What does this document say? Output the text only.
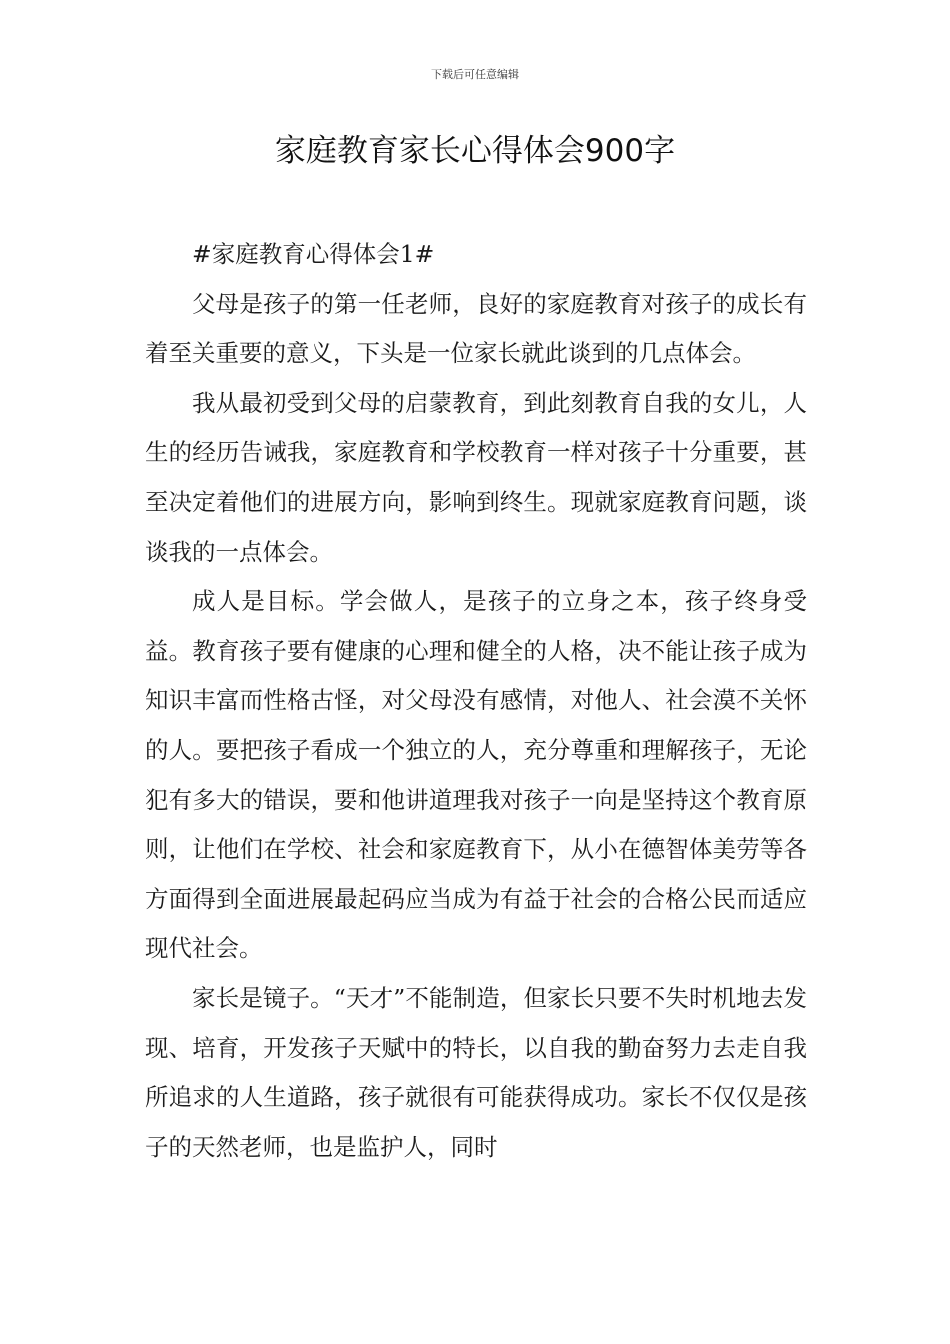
下载后可任意编辑
家庭教育家长心得体会900字

#家庭教育心得体会1#

父母是孩子的第一任老师，良好的家庭教育对孩子的成长有着至关重要的意义，下头是一位家长就此谈到的几点体会。

我从最初受到父母的启蒙教育，到此刻教育自我的女儿，人生的经历告诫我，家庭教育和学校教育一样对孩子十分重要，甚至决定着他们的进展方向，影响到终生。现就家庭教育问题，谈谈我的一点体会。

成人是目标。学会做人，是孩子的立身之本，孩子终身受益。教育孩子要有健康的心理和健全的人格，决不能让孩子成为知识丰富而性格古怪，对父母没有感情，对他人、社会漠不关怀的人。要把孩子看成一个独立的人，充分尊重和理解孩子，无论犯有多大的错误，要和他讲道理我对孩子一向是坚持这个教育原则，让他们在学校、社会和家庭教育下，从小在德智体美劳等各方面得到全面进展最起码应当成为有益于社会的合格公民而适应现代社会。

家长是镜子。“天才”不能制造，但家长只要不失时机地去发现、培育，开发孩子天赋中的特长，以自我的勤奋努力去走自我所追求的人生道路，孩子就很有可能获得成功。家长不仅仅是孩子的天然老师，也是监护人，同时
